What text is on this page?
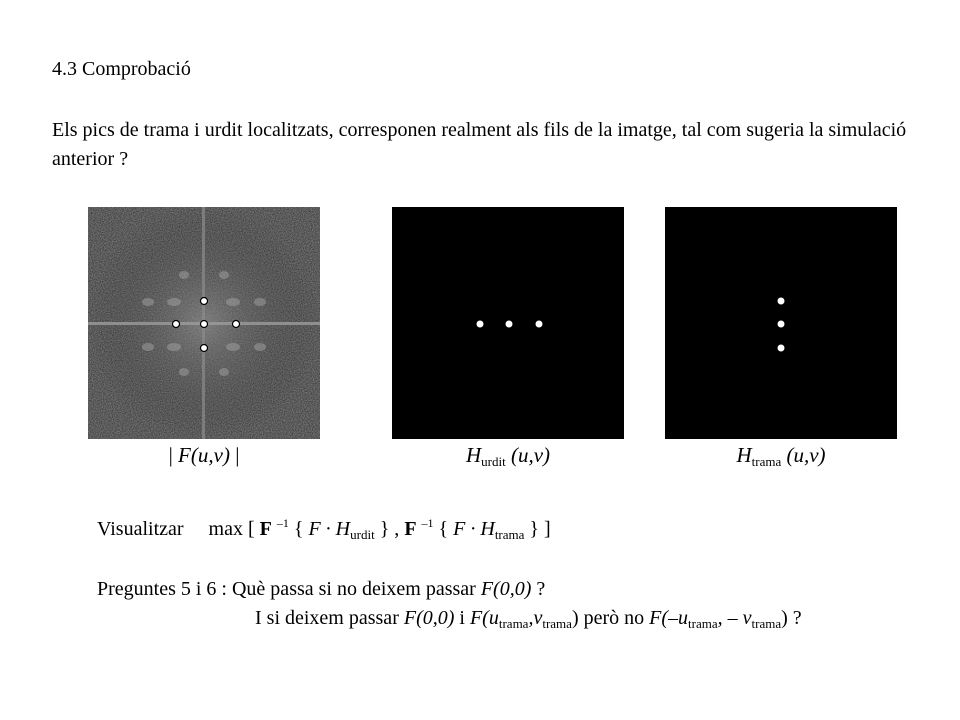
4.3 Comprobació
Els pics de trama i urdit localitzats, corresponen realment als fils de la imatge, tal com sugeria la simulació anterior ?
| F(u,v) |	$H_{urdit}$ (u,v)	$H_{trama}$ (u,v)
Visualitzar max [ F $^{-1}$ { $F \cdot H_{urdit}$ } , F $^{-1}$ { $F \cdot H_{trama}$ } ]
Preguntes 5 i 6 : Què passa si no deixem passar F(0,0) ?
I si deixem passar F(0,0) i $F(u_{trama},v_{trama})$ però no $F(-u_{trama}$, – $v_{trama}$) ?
